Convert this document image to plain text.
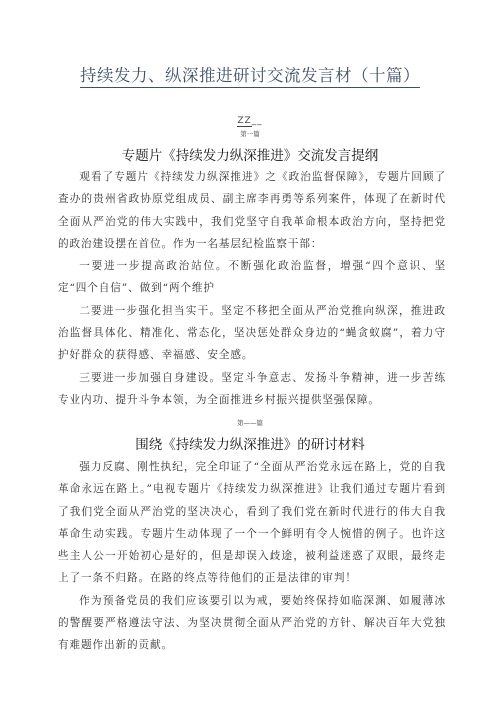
持续发力、纵深推进研讨交流发言材（十篇）
ZZ__
第一篇
专题片《持续发力纵深推进》交流发言提纲

观看了专题片《持续发力纵深推进》之《政治监督保障》，专题片回顾了查办的贵州省政协原党组成员、副主席李再勇等系列案件，体现了在新时代全面从严治党的伟大实践中，我们党坚守自我革命根本政治方向，坚持把党的政治建设摆在首位。作为一名基层纪检监察干部：

一要进一步提高政治站位。不断强化政治监督，增强“四个意识、坚定“四个自信”、做到“两个维护

二要进一步强化担当实干。坚定不移把全面从严治党推向纵深，推进政治监督具体化、精准化、常态化，坚决惩处群众身边的“蝇贪蚁腐”，着力守护好群众的获得感、幸福感、安全感。

三要进一步加强自身建设。坚定斗争意志、发扬斗争精神，进一步苦练专业内功、提升斗争本领，为全面推进乡村振兴提供坚强保障。

第——篇
围绕《持续发力纵深推进》的研讨材料

强力反腐、刚性执纪，完全印证了“全面从严治党永远在路上，党的自我革命永远在路上。”电视专题片《持续发力纵深推进》让我们通过专题片看到了我们党全面从严治党的坚决决心，看到了我们党在新时代进行的伟大自我革命生动实践。专题片生动体现了一个一个鲜明有令人惋惜的例子。也许这些主人公一开始初心是好的，但是却误入歧途，被利益迷惑了双眼，最终走上了一条不归路。在路的终点等待他们的正是法律的审判！

作为预备党员的我们应该要引以为戒，要始终保持如临深渊、如履薄冰的警醒要严格遵法守法、为坚决贯彻全面从严治党的方针、解决百年大党独有难题作出新的贡献。
